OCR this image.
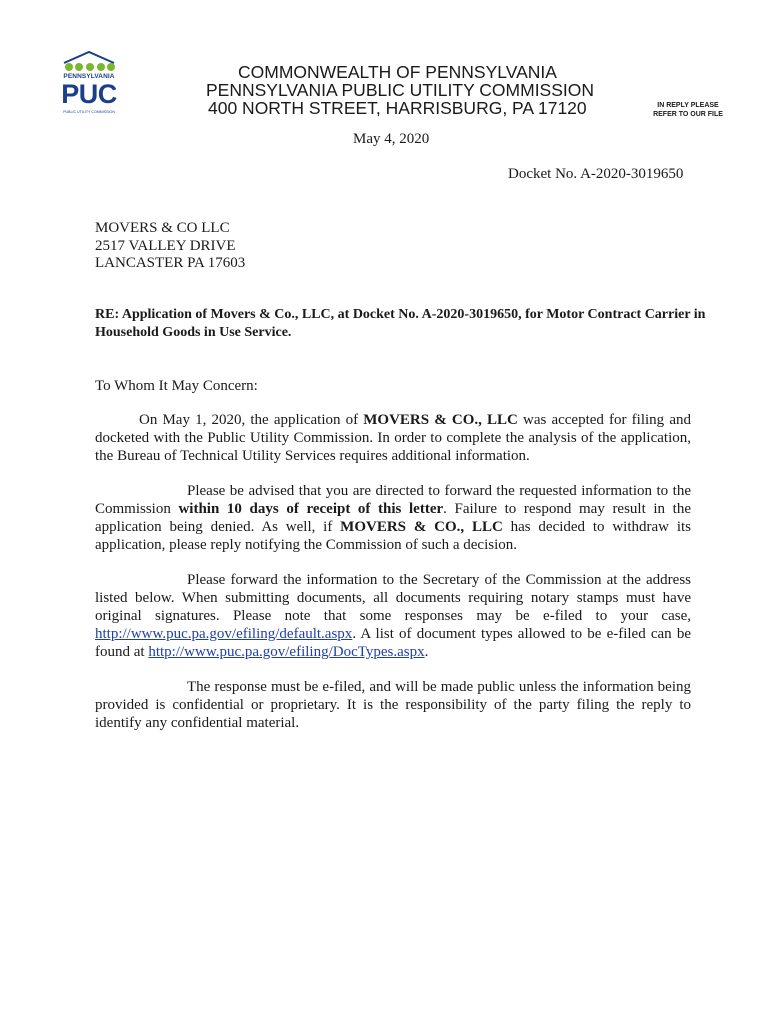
PENNSYLVANIA
PUC
PUBLIC UTILITY COMMISSION
COMMONWEALTH OF PENNSYLVANIA
PENNSYLVANIA PUBLIC UTILITY COMMISSION
400 NORTH STREET, HARRISBURG, PA 17120	IN REPLY PLEASE
REFER TO OUR FILE
May 4, 2020
Docket No. A-2020-3019650
MOVERS & CO LLC
2517 VALLEY DRIVE
LANCASTER PA 17603
RE: Application of Movers & Co., LLC, at Docket No. A-2020-3019650, for Motor Contract Carrier in Household Goods in Use Service.
To Whom It May Concern:
On May 1, 2020, the application of MOVERS & CO., LLC was accepted for filing and docketed with the Public Utility Commission. In order to complete the analysis of the application, the Bureau of Technical Utility Services requires additional information.
Please be advised that you are directed to forward the requested information to the Commission within 10 days of receipt of this letter. Failure to respond may result in the application being denied. As well, if MOVERS & CO., LLC has decided to withdraw its application, please reply notifying the Commission of such a decision.
Please forward the information to the Secretary of the Commission at the address listed below. When submitting documents, all documents requiring notary stamps must have original signatures. Please note that some responses may be e-filed to your case, http://www.puc.pa.gov/efiling/default.aspx. A list of document types allowed to be e-filed can be found at http://www.puc.pa.gov/efiling/DocTypes.aspx.
The response must be e-filed, and will be made public unless the information being provided is confidential or proprietary. It is the responsibility of the party filing the reply to identify any confidential material.
